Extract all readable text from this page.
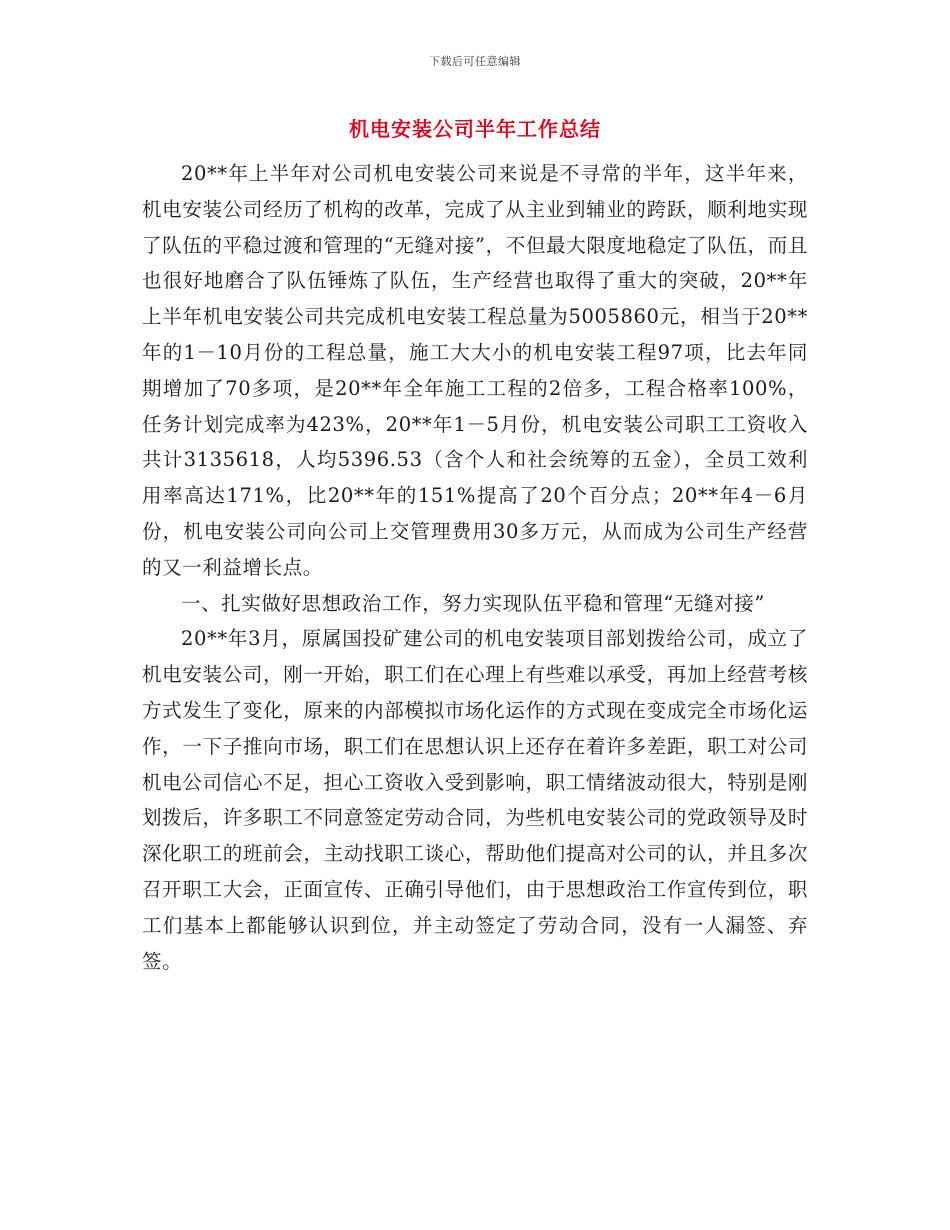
下载后可任意编辑
机电安装公司半年工作总结

20**年上半年对公司机电安装公司来说是不寻常的半年，这半年来，机电安装公司经历了机构的改革，完成了从主业到辅业的跨跃，顺利地实现了队伍的平稳过渡和管理的“无缝对接”，不但最大限度地稳定了队伍，而且也很好地磨合了队伍锤炼了队伍，生产经营也取得了重大的突破，20**年上半年机电安装公司共完成机电安装工程总量为5005860元，相当于20**年的1－10月份的工程总量，施工大大小的机电安装工程97项，比去年同期增加了70多项，是20**年全年施工工程的2倍多，工程合格率100%，任务计划完成率为423%，20**年1－5月份，机电安装公司职工工资收入共计3135618，人均5396.53（含个人和社会统筹的五金），全员工效利用率高达171%，比20**年的151%提高了20个百分点；20**年4－6月份，机电安装公司向公司上交管理费用30多万元，从而成为公司生产经营的又一利益增长点。

一、扎实做好思想政治工作，努力实现队伍平稳和管理“无缝对接”

20**年3月，原属国投矿建公司的机电安装项目部划拨给公司，成立了机电安装公司，刚一开始，职工们在心理上有些难以承受，再加上经营考核方式发生了变化，原来的内部模拟市场化运作的方式现在变成完全市场化运作，一下子推向市场，职工们在思想认识上还存在着许多差距，职工对公司机电公司信心不足，担心工资收入受到影响，职工情绪波动很大，特别是刚划拨后，许多职工不同意签定劳动合同，为些机电安装公司的党政领导及时深化职工的班前会，主动找职工谈心，帮助他们提高对公司的认，并且多次召开职工大会，正面宣传、正确引导他们，由于思想政治工作宣传到位，职工们基本上都能够认识到位，并主动签定了劳动合同，没有一人漏签、弃签。
